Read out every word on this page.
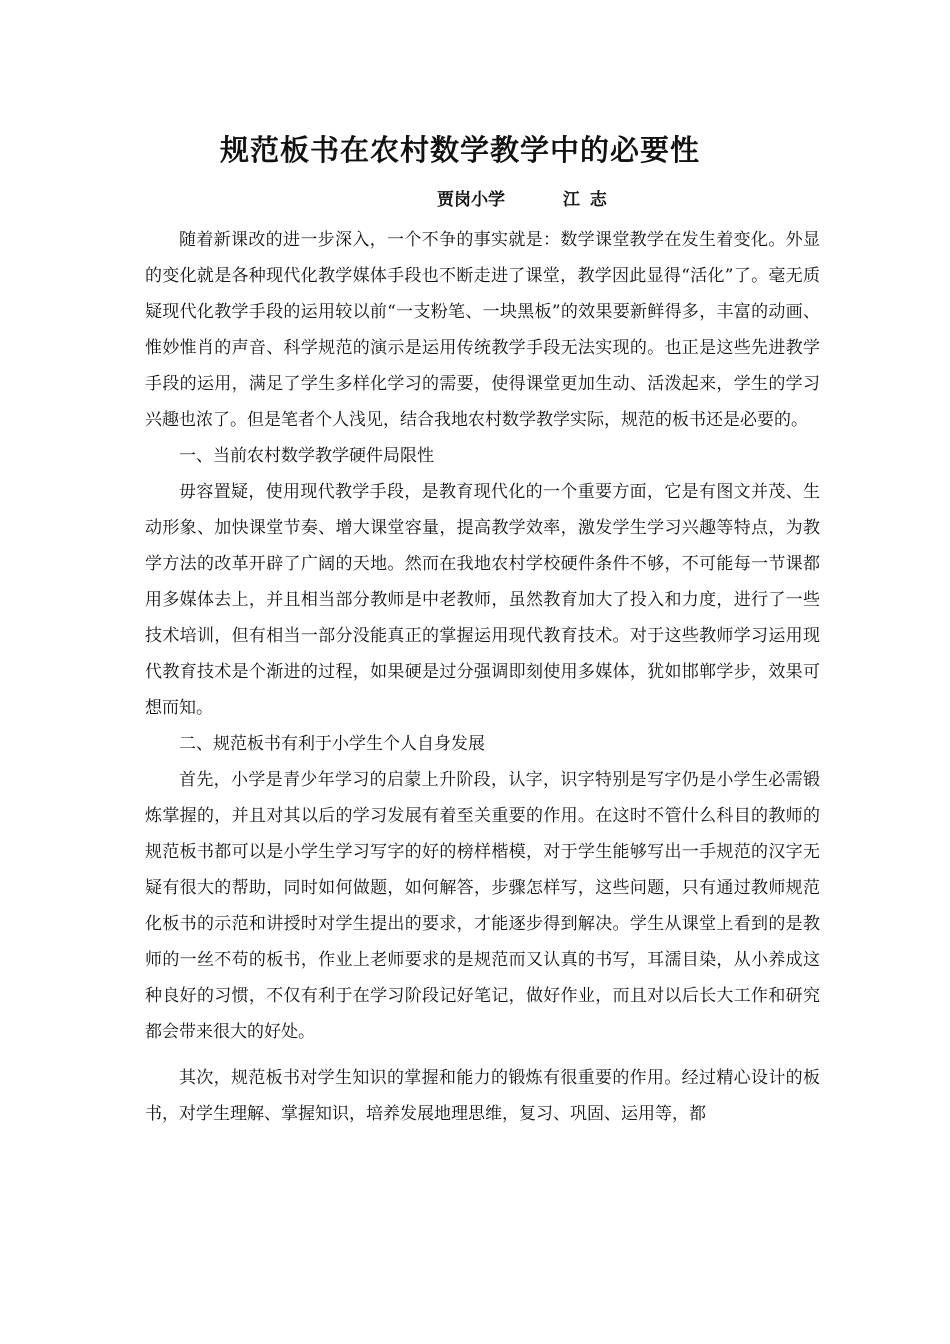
规范板书在农村数学教学中的必要性
贾岗小学	江志

随着新课改的进一步深入，一个不争的事实就是：数学课堂教学在发生着变化。外显的变化就是各种现代化教学媒体手段也不断走进了课堂，教学因此显得“活化”了。毫无质疑现代化教学手段的运用较以前“一支粉笔、一块黑板”的效果要新鲜得多，丰富的动画、惟妙惟肖的声音、科学规范的演示是运用传统教学手段无法实现的。也正是这些先进教学手段的运用，满足了学生多样化学习的需要，使得课堂更加生动、活泼起来，学生的学习兴趣也浓了。但是笔者个人浅见，结合我地农村数学教学实际，规范的板书还是必要的。

一、当前农村数学教学硬件局限性

毋容置疑，使用现代教学手段，是教育现代化的一个重要方面，它是有图文并茂、生动形象、加快课堂节奏、增大课堂容量，提高教学效率，激发学生学习兴趣等特点，为教学方法的改革开辟了广阔的天地。然而在我地农村学校硬件条件不够，不可能每一节课都用多媒体去上，并且相当部分教师是中老教师，虽然教育加大了投入和力度，进行了一些技术培训，但有相当一部分没能真正的掌握运用现代教育技术。对于这些教师学习运用现代教育技术是个渐进的过程，如果硬是过分强调即刻使用多媒体，犹如邯郸学步，效果可想而知。

二、规范板书有利于小学生个人自身发展

首先，小学是青少年学习的启蒙上升阶段，认字，识字特别是写字仍是小学生必需锻炼掌握的，并且对其以后的学习发展有着至关重要的作用。在这时不管什么科目的教师的规范板书都可以是小学生学习写字的好的榜样楷模，对于学生能够写出一手规范的汉字无疑有很大的帮助，同时如何做题，如何解答，步骤怎样写，这些问题，只有通过教师规范化板书的示范和讲授时对学生提出的要求，才能逐步得到解决。学生从课堂上看到的是教师的一丝不苟的板书，作业上老师要求的是规范而又认真的书写，耳濡目染，从小养成这种良好的习惯，不仅有利于在学习阶段记好笔记，做好作业，而且对以后长大工作和研究都会带来很大的好处。

其次，规范板书对学生知识的掌握和能力的锻炼有很重要的作用。经过精心设计的板书，对学生理解、掌握知识，培养发展地理思维，复习、巩固、运用等，都
